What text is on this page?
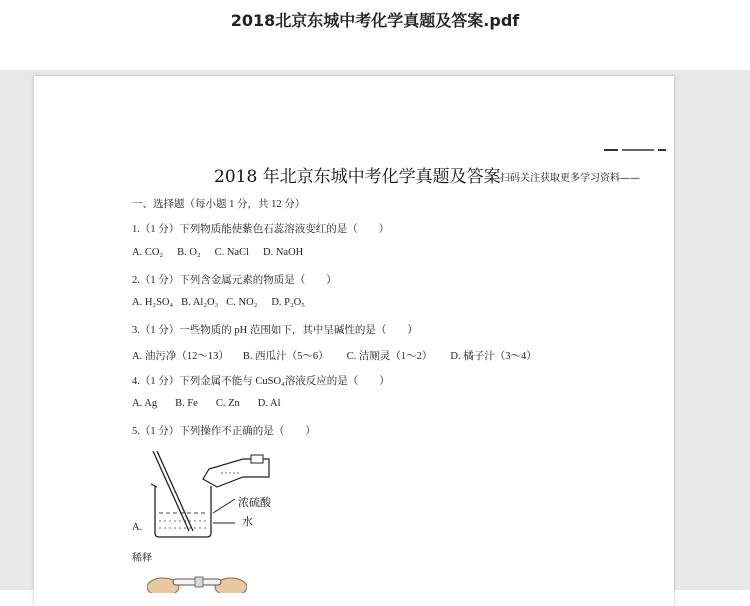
2018北京东城中考化学真题及答案.pdf
2018 年北京东城中考化学真题及答案 扫码关注获取更多学习资料——
一、选择题（每小题 1 分，共 12 分）
1.（1 分）下列物质能使紫色石蕊溶液变红的是（　　）
A. CO₂ B. O₂ C. NaCl D. NaOH
2.（1 分）下列含金属元素的物质是（　　）
A. H₂SO₄ B. Al₂O₃ C. NO₂ D. P₂O₅
3.（1 分）一些物质的 pH 范围如下，其中呈碱性的是（　　）
A. 油污净（12～13） B. 西瓜汁（5～6） C. 洁厕灵（1～2） D. 橘子汁（3～4）
4.（1 分）下列金属不能与 CuSO₄溶液反应的是（　　）
A. Ag B. Fe C. Zn D. Al
5.（1 分）下列操作不正确的是（　　）
浓硫酸
水
A.
稀释
